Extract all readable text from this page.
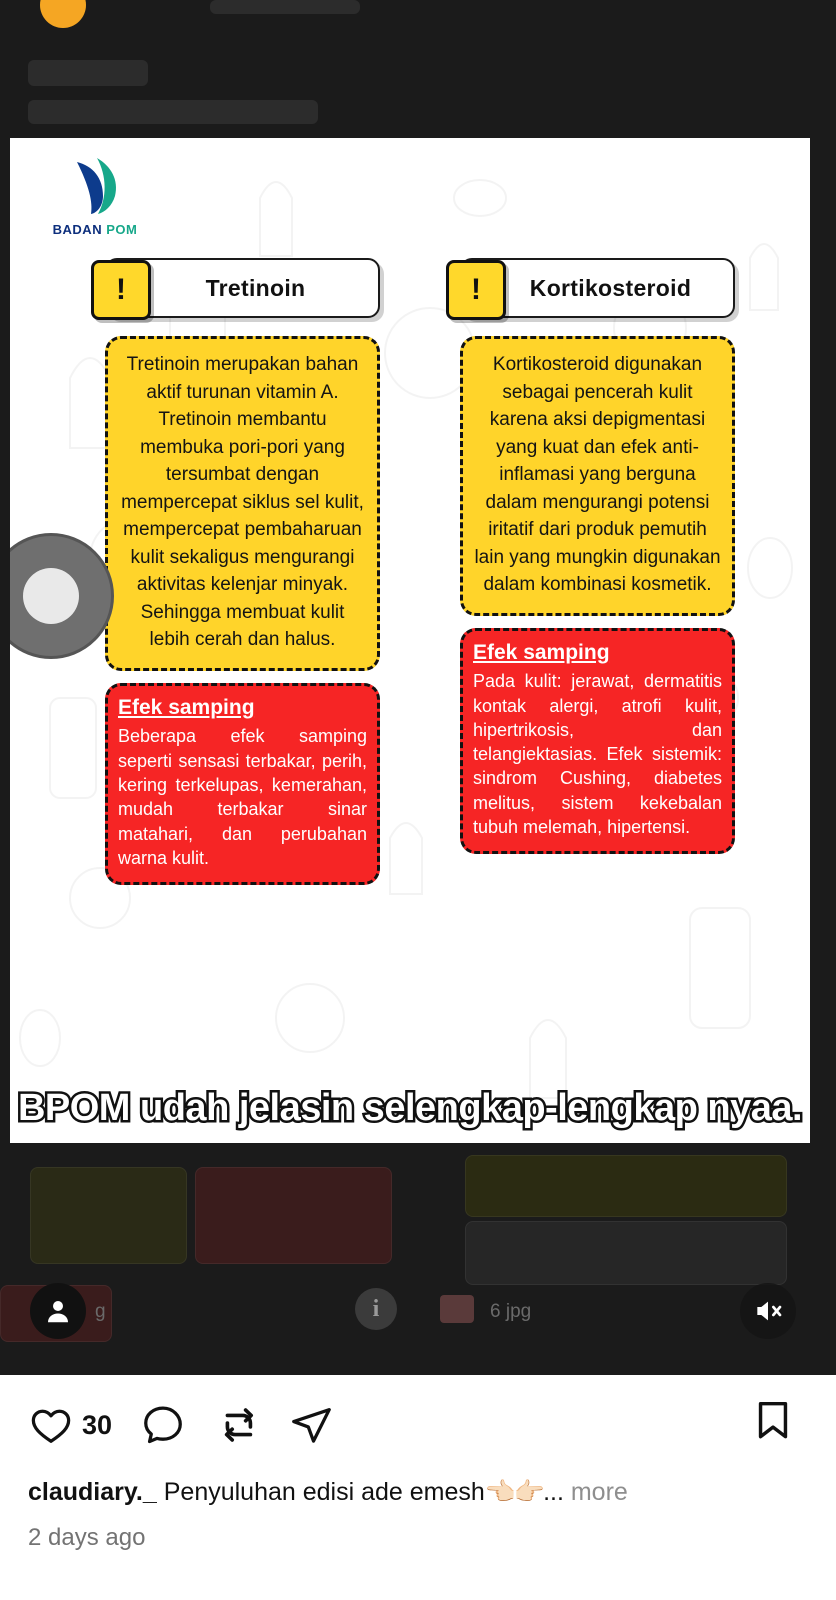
BADAN POM
!	Tretinoin
Tretinoin merupakan bahan aktif turunan vitamin A. Tretinoin membantu membuka pori-pori yang tersumbat dengan mempercepat siklus sel kulit, mempercepat pembaharuan kulit sekaligus mengurangi aktivitas kelenjar minyak. Sehingga membuat kulit lebih cerah dan halus.
Efek samping
Beberapa efek samping seperti sensasi terbakar, perih, kering terkelupas, kemerahan, mudah terbakar sinar matahari, dan perubahan warna kulit.
!	Kortikosteroid
Kortikosteroid digunakan sebagai pencerah kulit karena aksi depigmentasi yang kuat dan efek anti-inflamasi yang berguna dalam mengurangi potensi iritatif dari produk pemutih lain yang mungkin digunakan dalam kombinasi kosmetik.
Efek samping
Pada kulit: jerawat, dermatitis kontak alergi, atrofi kulit, hipertrikosis, dan telangiektasias. Efek sistemik: sindrom Cushing, diabetes melitus, sistem kekebalan tubuh melemah, hipertensi.
BPOM udah jelasin selengkap-lengkap nyaa.
i
g	6 jpg
30
claudiary._ Penyuluhan edisi ade emesh👈🏻👉🏻... more
2 days ago
